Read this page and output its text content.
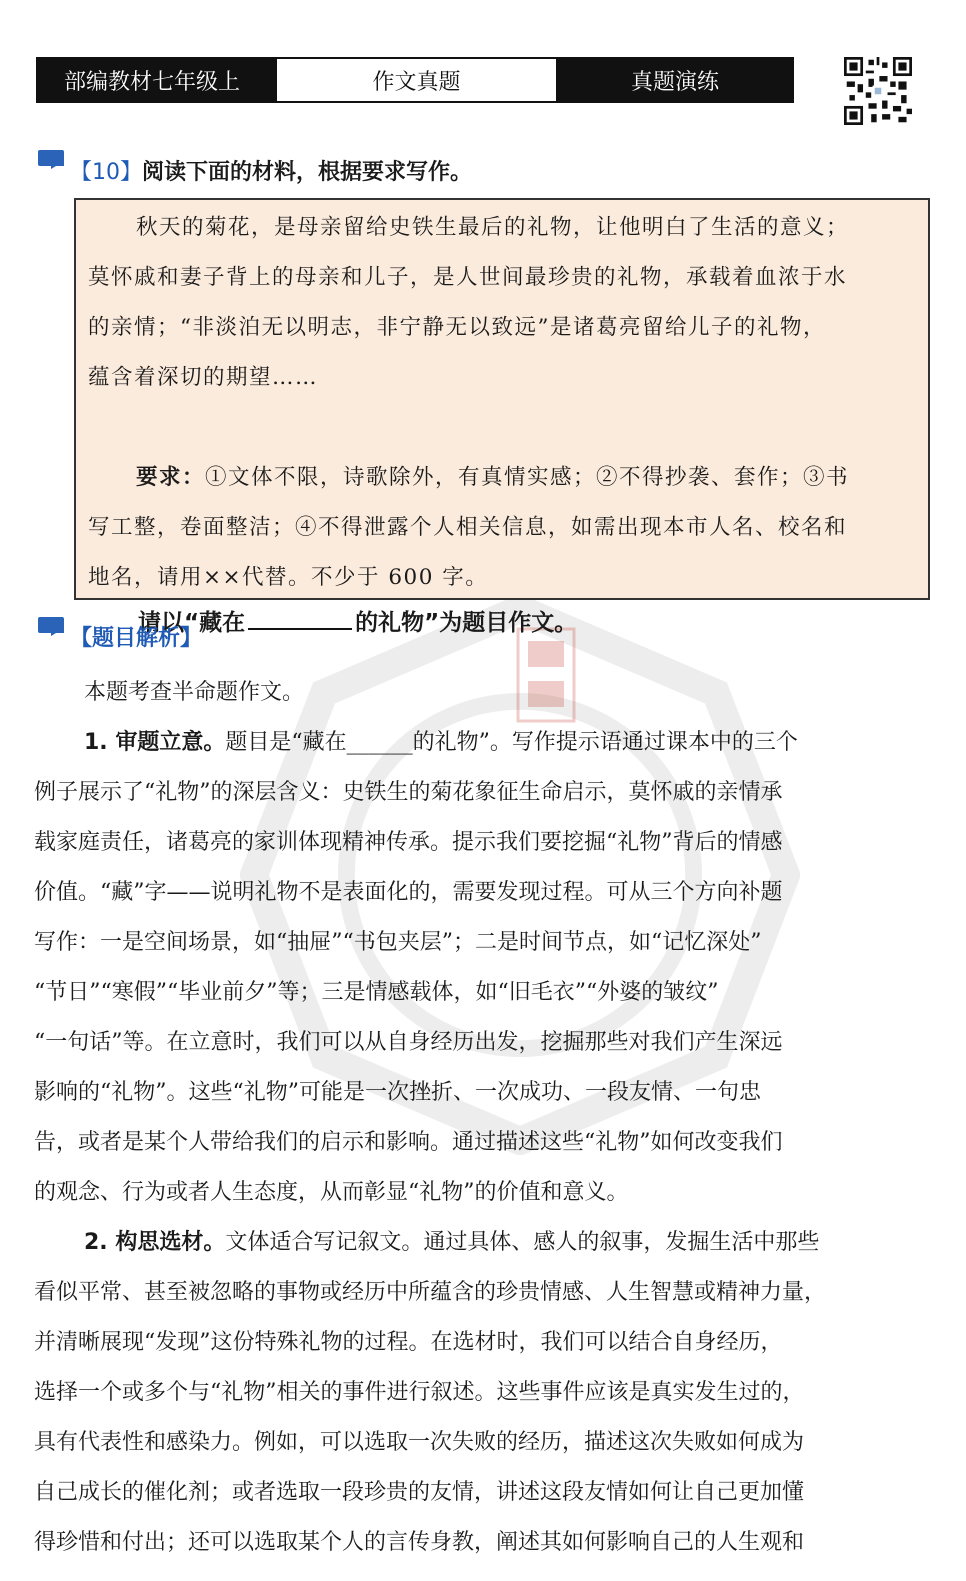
部编教材七年级上	作文真题	真题演练
【10】阅读下面的材料，根据要求写作。

秋天的菊花，是母亲留给史铁生最后的礼物，让他明白了生活的意义；

莫怀戚和妻子背上的母亲和儿子，是人世间最珍贵的礼物，承载着血浓于水

的亲情；“非淡泊无以明志，非宁静无以致远”是诸葛亮留给儿子的礼物，

蕴含着深切的期望……

请以“藏在	的礼物”为题目作文。

要求：①文体不限，诗歌除外，有真情实感；②不得抄袭、套作；③书

写工整，卷面整洁；④不得泄露个人相关信息，如需出现本市人名、校名和

地名，请用××代替。不少于 600 字。

【题目解析】
本题考查半命题作文。
1. 审题立意。题目是“藏在______的礼物”。写作提示语通过课本中的三个
例子展示了“礼物”的深层含义：史铁生的菊花象征生命启示，莫怀戚的亲情承
载家庭责任，诸葛亮的家训体现精神传承。提示我们要挖掘“礼物”背后的情感
价值。“藏”字——说明礼物不是表面化的，需要发现过程。可从三个方向补题
写作：一是空间场景，如“抽屉”“书包夹层”；二是时间节点，如“记忆深处”
“节日”“寒假”“毕业前夕”等；三是情感载体，如“旧毛衣”“外婆的皱纹”
“一句话”等。在立意时，我们可以从自身经历出发，挖掘那些对我们产生深远
影响的“礼物”。这些“礼物”可能是一次挫折、一次成功、一段友情、一句忠
告，或者是某个人带给我们的启示和影响。通过描述这些“礼物”如何改变我们
的观念、行为或者人生态度，从而彰显“礼物”的价值和意义。
2. 构思选材。文体适合写记叙文。通过具体、感人的叙事，发掘生活中那些
看似平常、甚至被忽略的事物或经历中所蕴含的珍贵情感、人生智慧或精神力量，
并清晰展现“发现”这份特殊礼物的过程。在选材时，我们可以结合自身经历，
选择一个或多个与“礼物”相关的事件进行叙述。这些事件应该是真实发生过的，
具有代表性和感染力。例如，可以选取一次失败的经历，描述这次失败如何成为
自己成长的催化剂；或者选取一段珍贵的友情，讲述这段友情如何让自己更加懂
得珍惜和付出；还可以选取某个人的言传身教，阐述其如何影响自己的人生观和
